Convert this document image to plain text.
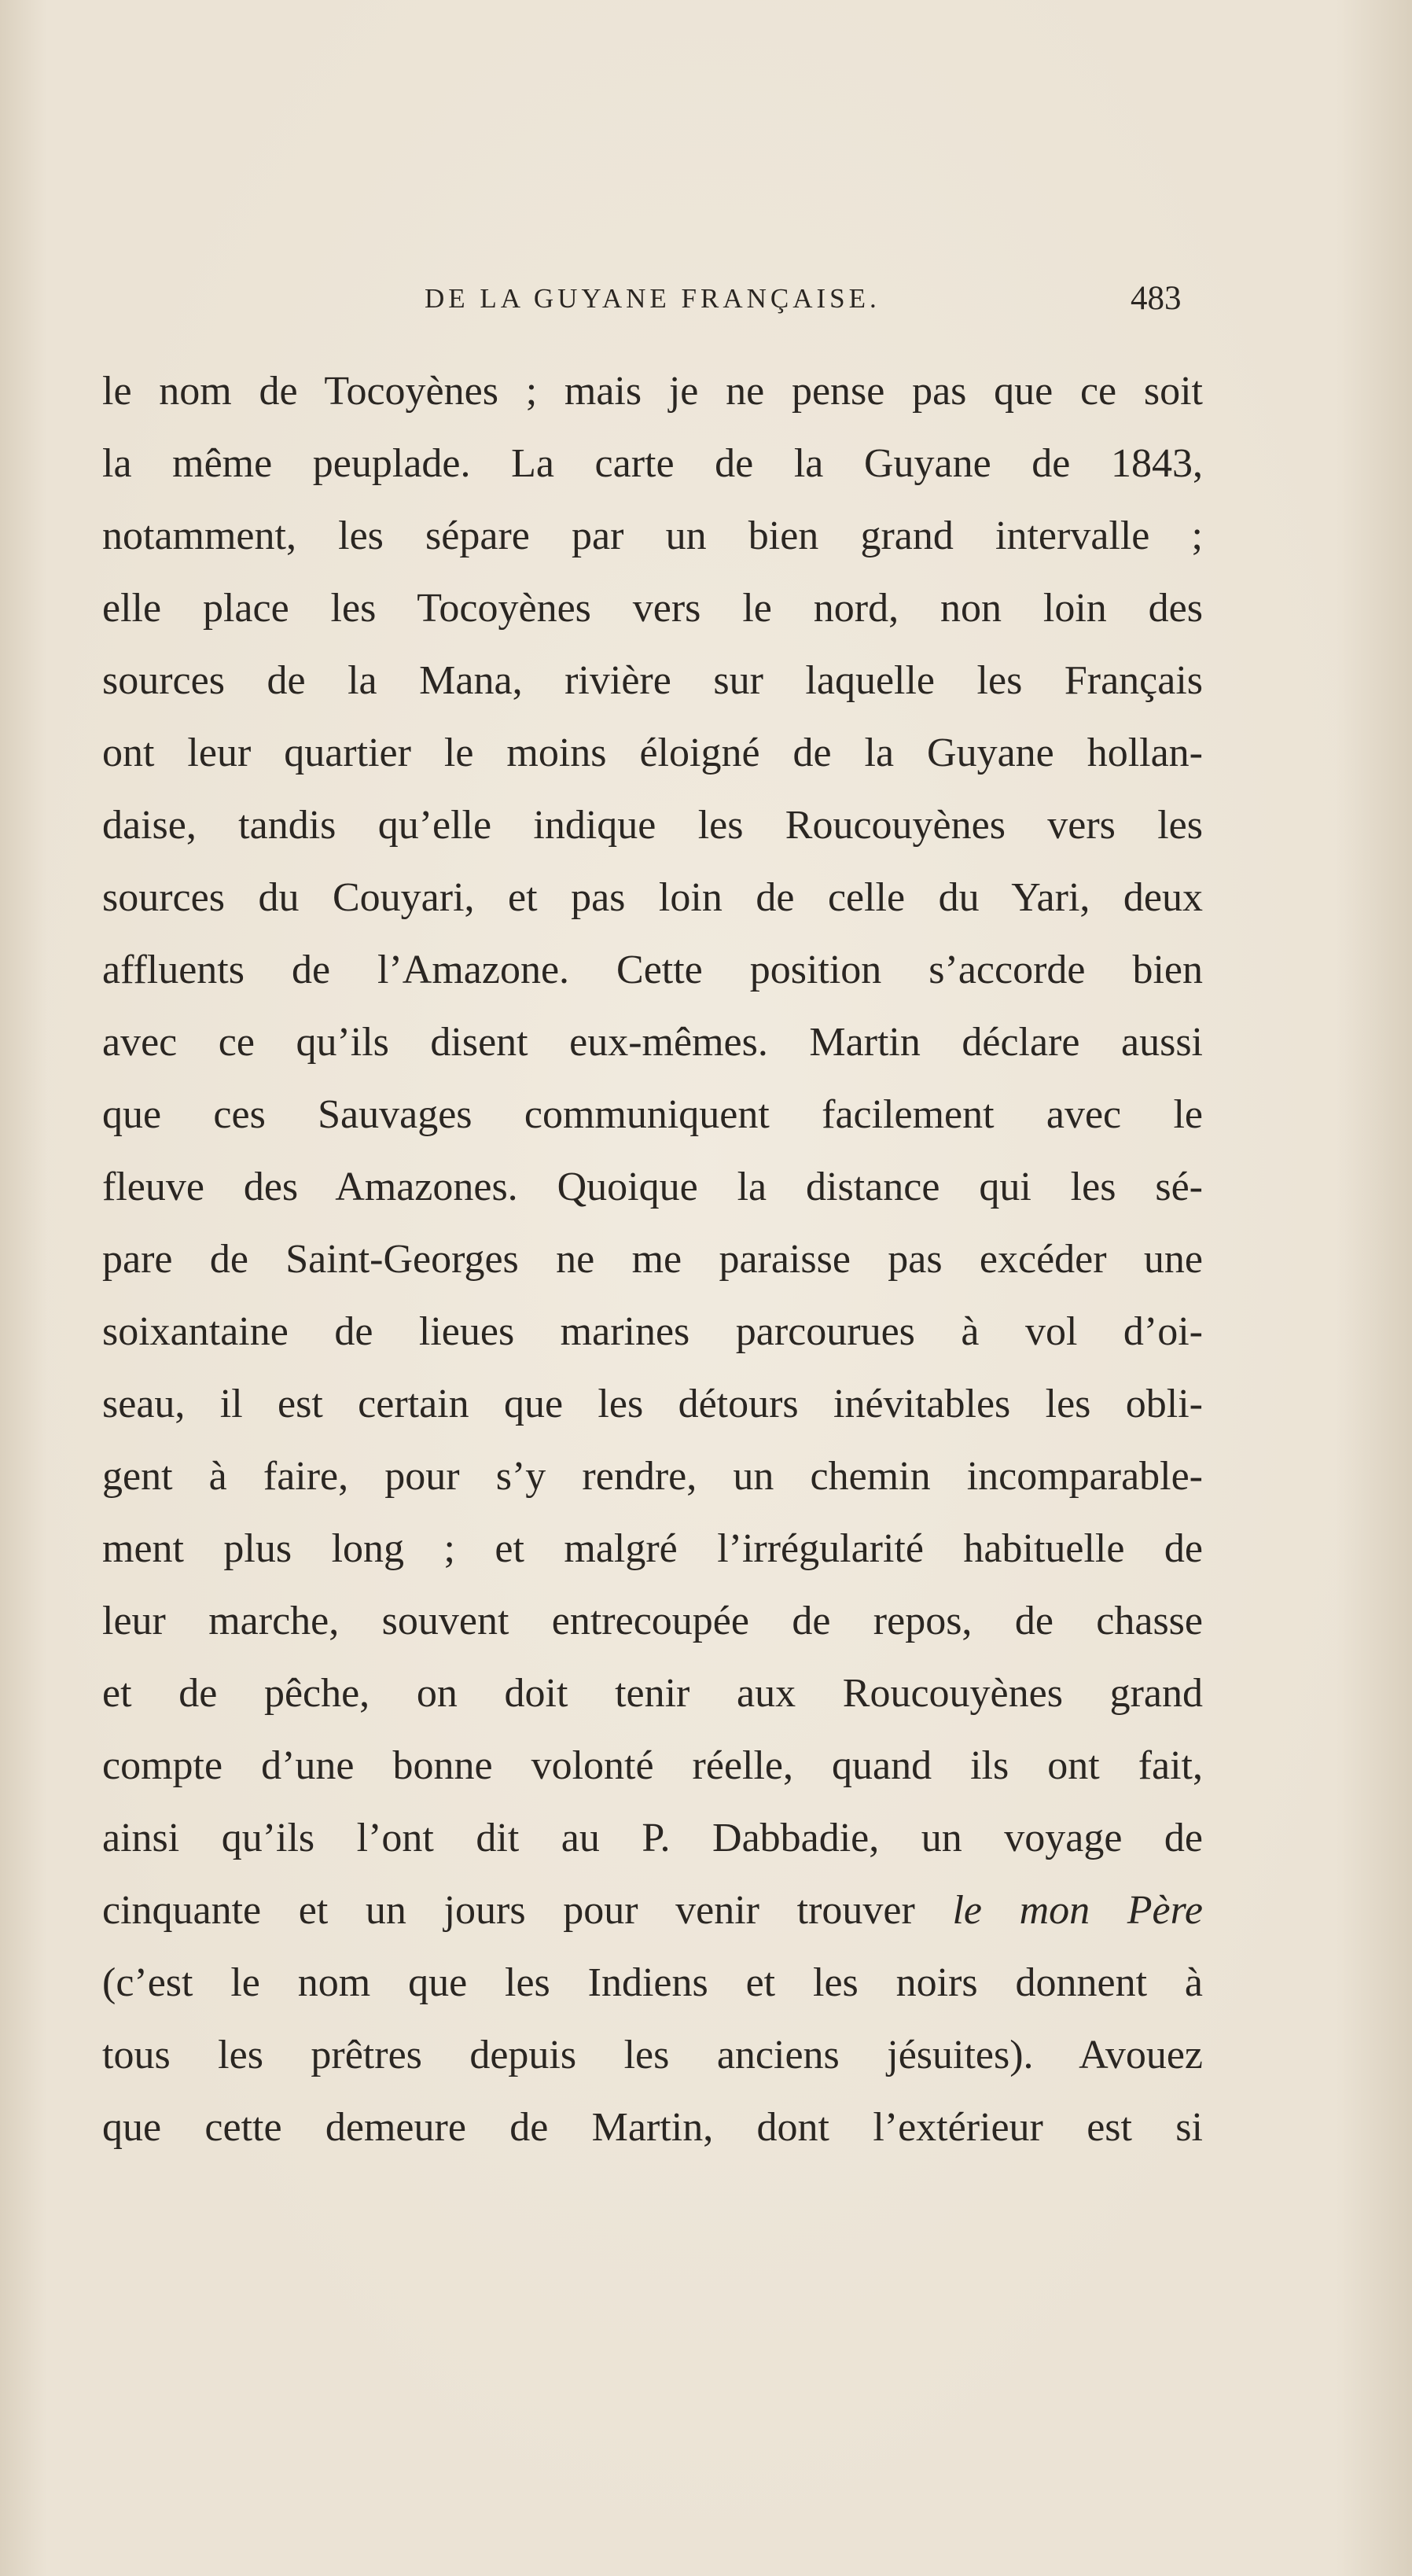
DE LA GUYANE FRANÇAISE.	483
le nom de Tocoyènes ; mais je ne pense pas que ce soit
la même peuplade. La carte de la Guyane de 1843,
notamment, les sépare par un bien grand intervalle ;
elle place les Tocoyènes vers le nord, non loin des
sources de la Mana, rivière sur laquelle les Français
ont leur quartier le moins éloigné de la Guyane hollan-
daise, tandis qu’elle indique les Roucouyènes vers les
sources du Couyari, et pas loin de celle du Yari, deux
affluents de l’Amazone. Cette position s’accorde bien
avec ce qu’ils disent eux-mêmes. Martin déclare aussi
que ces Sauvages communiquent facilement avec le
fleuve des Amazones. Quoique la distance qui les sé-
pare de Saint-Georges ne me paraisse pas excéder une
soixantaine de lieues marines parcourues à vol d’oi-
seau, il est certain que les détours inévitables les obli-
gent à faire, pour s’y rendre, un chemin incomparable-
ment plus long ; et malgré l’irrégularité habituelle de
leur marche, souvent entrecoupée de repos, de chasse
et de pêche, on doit tenir aux Roucouyènes grand
compte d’une bonne volonté réelle, quand ils ont fait,
ainsi qu’ils l’ont dit au P. Dabbadie, un voyage de
cinquante et un jours pour venir trouver le mon Père
(c’est le nom que les Indiens et les noirs donnent à
tous les prêtres depuis les anciens jésuites). Avouez
que cette demeure de Martin, dont l’extérieur est si
